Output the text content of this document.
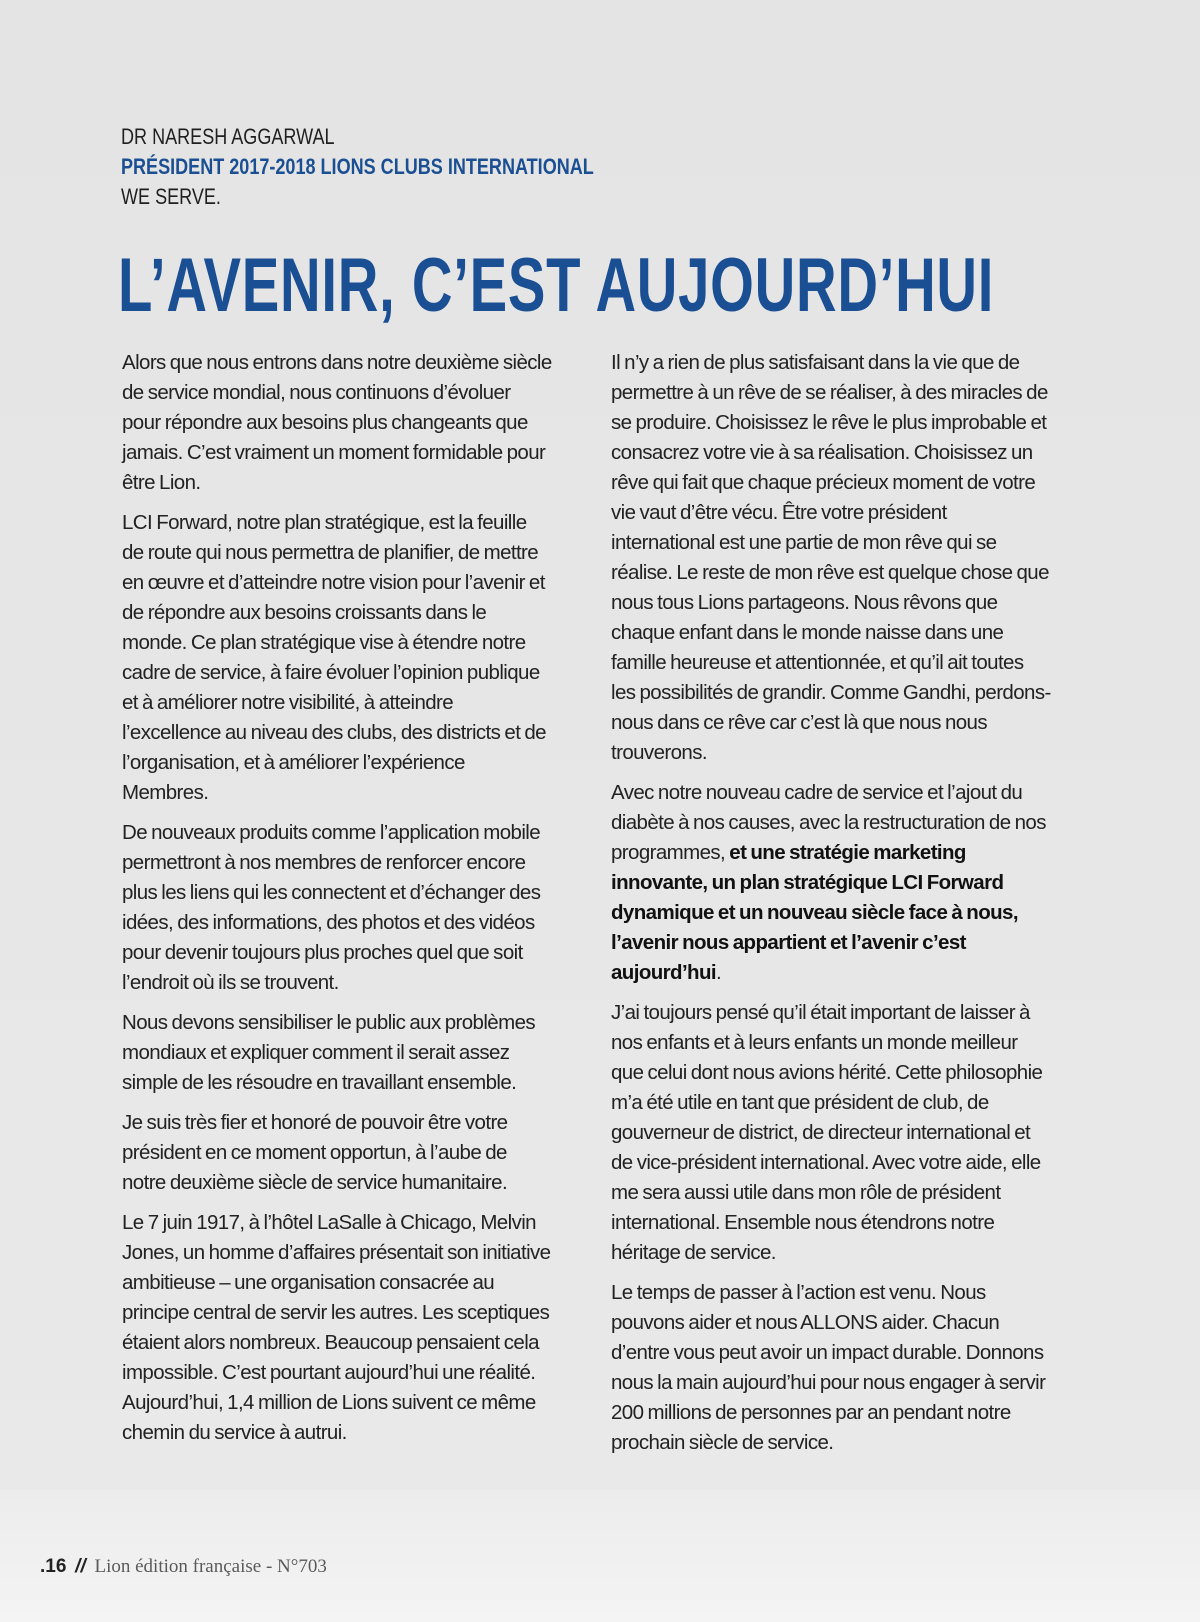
DR NARESH AGGARWAL
PRÉSIDENT 2017-2018 LIONS CLUBS INTERNATIONAL
WE SERVE.
L’AVENIR, C’EST AUJOURD’HUI

Alors que nous entrons dans notre deuxième siècle de service mondial, nous continuons d’évoluer pour répondre aux besoins plus changeants que jamais. C’est vraiment un moment formidable pour être Lion.

LCI Forward, notre plan stratégique, est la feuille de route qui nous permettra de planifier, de mettre en œuvre et d’atteindre notre vision pour l’avenir et de répondre aux besoins croissants dans le monde. Ce plan stratégique vise à étendre notre cadre de service, à faire évoluer l’opinion publique et à améliorer notre visibilité, à atteindre l’excellence au niveau des clubs, des districts et de l’organisation, et à améliorer l’expérience Membres.

De nouveaux produits comme l’application mobile permettront à nos membres de renforcer encore plus les liens qui les connectent et d’échanger des idées, des informations, des photos et des vidéos pour devenir toujours plus proches quel que soit l’endroit où ils se trouvent.

Nous devons sensibiliser le public aux problèmes mondiaux et expliquer comment il serait assez simple de les résoudre en travaillant ensemble.

Je suis très fier et honoré de pouvoir être votre président en ce moment opportun, à l’aube de notre deuxième siècle de service humanitaire.

Le 7 juin 1917, à l’hôtel LaSalle à Chicago, Melvin Jones, un homme d’affaires présentait son initiative ambitieuse – une organisation consacrée au principe central de servir les autres. Les sceptiques étaient alors nombreux. Beaucoup pensaient cela impossible. C’est pourtant aujourd’hui une réalité. Aujourd’hui, 1,4 million de Lions suivent ce même chemin du service à autrui.

Il n’y a rien de plus satisfaisant dans la vie que de permettre à un rêve de se réaliser, à des miracles de se produire. Choisissez le rêve le plus improbable et consacrez votre vie à sa réalisation. Choisissez un rêve qui fait que chaque précieux moment de votre vie vaut d’être vécu. Être votre président international est une partie de mon rêve qui se réalise. Le reste de mon rêve est quelque chose que nous tous Lions partageons. Nous rêvons que chaque enfant dans le monde naisse dans une famille heureuse et attentionnée, et qu’il ait toutes les possibilités de grandir. Comme Gandhi, perdons-nous dans ce rêve car c’est là que nous nous trouverons.

Avec notre nouveau cadre de service et l’ajout du diabète à nos causes, avec la restructuration de nos programmes, et une stratégie marketing innovante, un plan stratégique LCI Forward dynamique et un nouveau siècle face à nous, l’avenir nous appartient et l’avenir c’est aujourd’hui.

J’ai toujours pensé qu’il était important de laisser à nos enfants et à leurs enfants un monde meilleur que celui dont nous avions hérité. Cette philosophie m’a été utile en tant que président de club, de gouverneur de district, de directeur international et de vice-président international. Avec votre aide, elle me sera aussi utile dans mon rôle de président international. Ensemble nous étendrons notre héritage de service.

Le temps de passer à l’action est venu. Nous pouvons aider et nous ALLONS aider. Chacun d’entre vous peut avoir un impact durable. Donnons nous la main aujourd’hui pour nous engager à servir 200 millions de personnes par an pendant notre prochain siècle de service.

.16 // Lion édition française - N°703
